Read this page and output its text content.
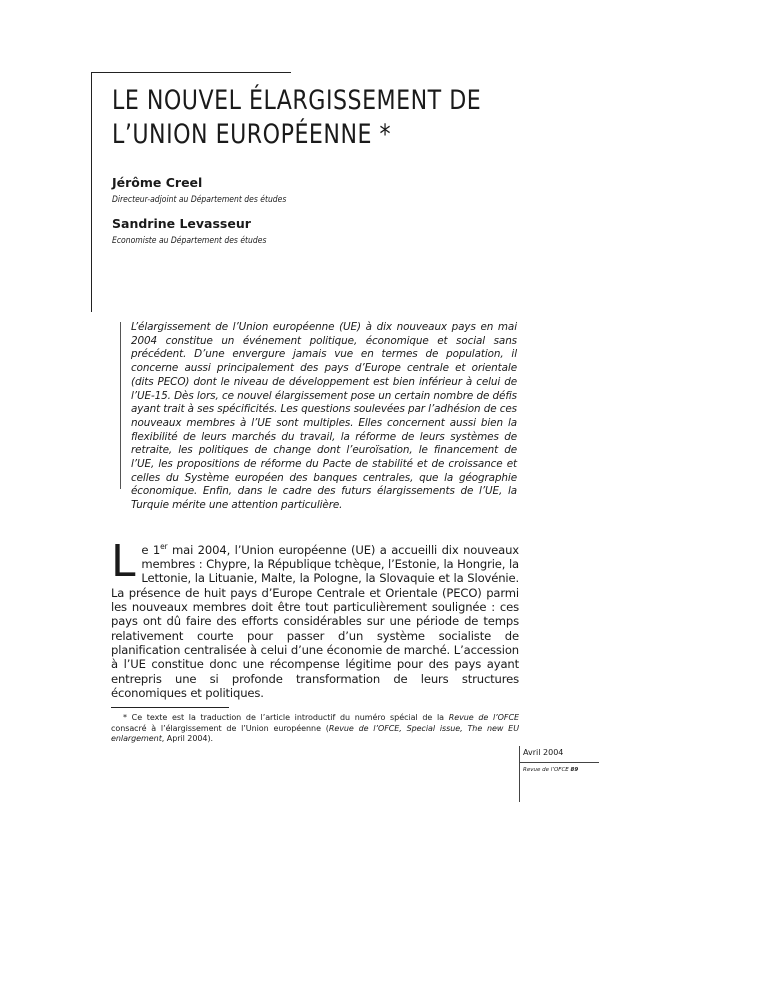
LE NOUVEL ÉLARGISSEMENT DE
L’UNION EUROPÉENNE *
Jérôme Creel
Directeur-adjoint au Département des études
Sandrine Levasseur
Economiste au Département des études

L’élargissement de l’Union européenne (UE) à dix nouveaux pays en mai 2004 constitue un événement politique, économique et social sans précédent. D’une envergure jamais vue en termes de population, il concerne aussi principalement des pays d’Europe centrale et orientale (dits PECO) dont le niveau de développement est bien inférieur à celui de l’UE-15. Dès lors, ce nouvel élargissement pose un certain nombre de défis ayant trait à ses spécificités. Les questions soulevées par l’adhésion de ces nouveaux membres à l’UE sont multiples. Elles concernent aussi bien la flexibilité de leurs marchés du travail, la réforme de leurs systèmes de retraite, les politiques de change dont l’euroïsation, le financement de l’UE, les propositions de réforme du Pacte de stabilité et de croissance et celles du Système européen des banques centrales, que la géographie économique. Enfin, dans le cadre des futurs élargissements de l’UE, la Turquie mérite une attention particulière.

Le 1er mai 2004, l’Union européenne (UE) a accueilli dix nouveaux membres : Chypre, la République tchèque, l’Estonie, la Hongrie, la Lettonie, la Lituanie, Malte, la Pologne, la Slovaquie et la Slovénie. La présence de huit pays d’Europe Centrale et Orientale (PECO) parmi les nouveaux membres doit être tout particulièrement soulignée : ces pays ont dû faire des efforts considérables sur une période de temps relativement courte pour passer d’un système socialiste de planification centralisée à celui d’une économie de marché. L’accession à l’UE constitue donc une récompense légitime pour des pays ayant entrepris une si profonde transformation de leurs structures économiques et politiques.

* Ce texte est la traduction de l’article introductif du numéro spécial de la Revue de l’OFCE consacré à l’élargissement de l’Union européenne (Revue de l’OFCE, Special issue, The new EU enlargement, April 2004).

Avril 2004
Revue de l’OFCE 89
